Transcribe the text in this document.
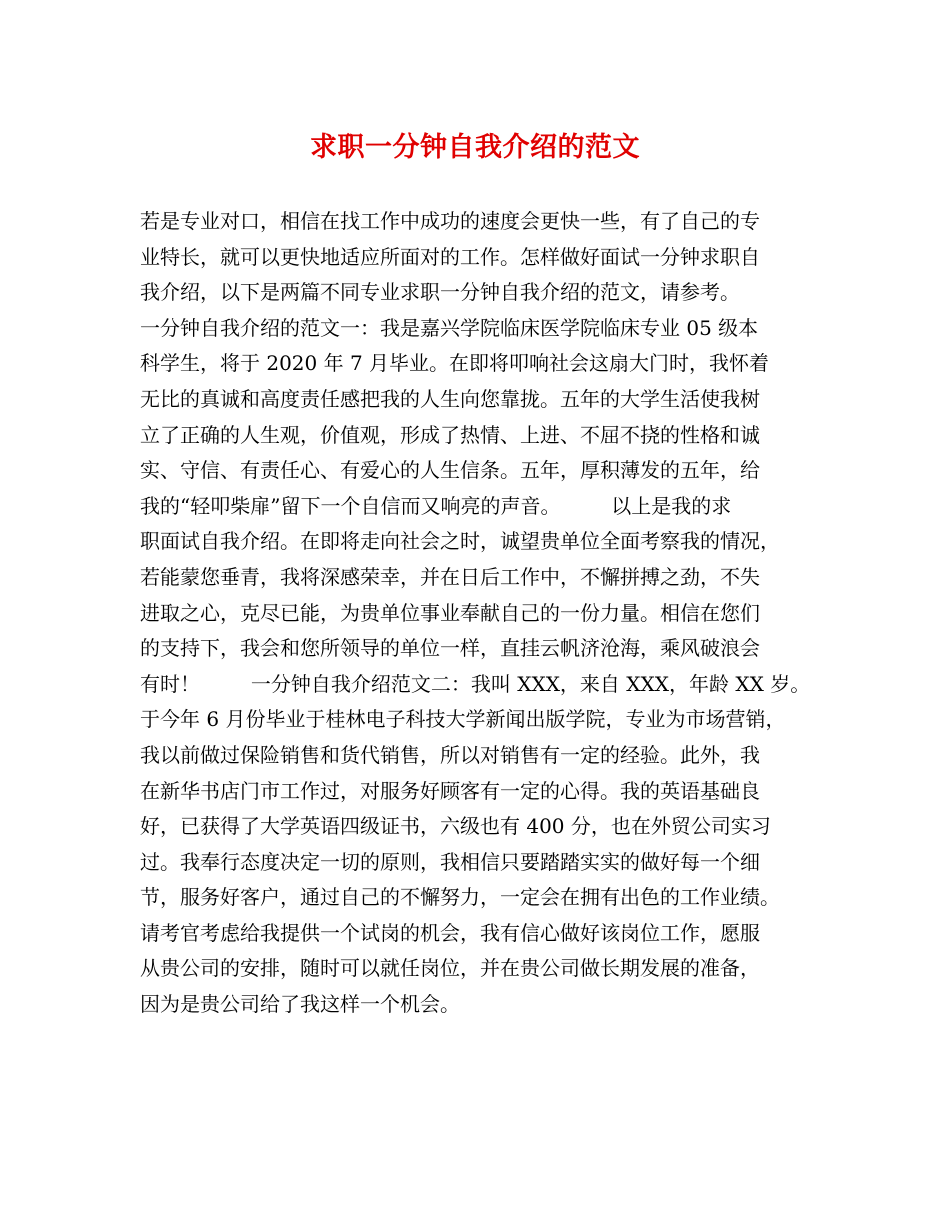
求职一分钟自我介绍的范文
若是专业对口，相信在找工作中成功的速度会更快一些，有了自己的专
业特长，就可以更快地适应所面对的工作。怎样做好面试一分钟求职自
我介绍，以下是两篇不同专业求职一分钟自我介绍的范文，请参考。
一分钟自我介绍的范文一：我是嘉兴学院临床医学院临床专业 05 级本
科学生，将于 2020 年 7 月毕业。在即将叩响社会这扇大门时，我怀着
无比的真诚和高度责任感把我的人生向您靠拢。五年的大学生活使我树
立了正确的人生观，价值观，形成了热情、上进、不屈不挠的性格和诚
实、守信、有责任心、有爱心的人生信条。五年，厚积薄发的五年，给
我的“轻叩柴扉”留下一个自信而又响亮的声音。        以上是我的求
职面试自我介绍。在即将走向社会之时，诚望贵单位全面考察我的情况，
若能蒙您垂青，我将深感荣幸，并在日后工作中，不懈拼搏之劲，不失
进取之心，克尽已能，为贵单位事业奉献自己的一份力量。相信在您们
的支持下，我会和您所领导的单位一样，直挂云帆济沧海，乘风破浪会
有时！        一分钟自我介绍范文二：我叫 XXX，来自 XXX，年龄 XX 岁。
于今年 6 月份毕业于桂林电子科技大学新闻出版学院，专业为市场营销，
我以前做过保险销售和货代销售，所以对销售有一定的经验。此外，我
在新华书店门市工作过，对服务好顾客有一定的心得。我的英语基础良
好，已获得了大学英语四级证书，六级也有 400 分，也在外贸公司实习
过。我奉行态度决定一切的原则，我相信只要踏踏实实的做好每一个细
节，服务好客户，通过自己的不懈努力，一定会在拥有出色的工作业绩。
请考官考虑给我提供一个试岗的机会，我有信心做好该岗位工作，愿服
从贵公司的安排，随时可以就任岗位，并在贵公司做长期发展的准备，
因为是贵公司给了我这样一个机会。
